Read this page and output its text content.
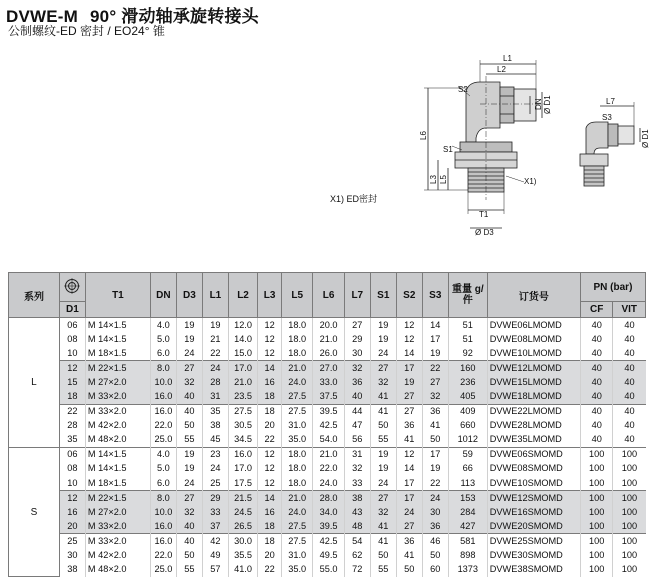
DVWE-M 90° 滑动轴承旋转接头
公制螺纹-ED 密封 / EO24° 锥
L1
L2
S2
DN Ø D1
L6
S1
L3 L5	X1)
T1
Ø D3
L7
S3
Ø D1
X1) ED密封
系列		T1	DN	D3	L1	L2	L3	L5	L6	L7	S1	S2	S3	重量 g/件	订货号	PN (bar)	
	D1															CF	VIT
L	06	M 14×1.5	4.0	19	19	12.0	12	18.0	20.0	27	19	12	14	51	DVWE06LMOMD	40	40
	08	M 14×1.5	5.0	19	21	14.0	12	18.0	21.0	29	19	12	17	51	DVWE08LMOMD	40	40
	10	M 18×1.5	6.0	24	22	15.0	12	18.0	26.0	30	24	14	19	92	DVWE10LMOMD	40	40
	12	M 22×1.5	8.0	27	24	17.0	14	21.0	27.0	32	27	17	22	160	DVWE12LMOMD	40	40
	15	M 27×2.0	10.0	32	28	21.0	16	24.0	33.0	36	32	19	27	236	DVWE15LMOMD	40	40
	18	M 33×2.0	16.0	40	31	23.5	18	27.5	37.5	40	41	27	32	405	DVWE18LMOMD	40	40
	22	M 33×2.0	16.0	40	35	27.5	18	27.5	39.5	44	41	27	36	409	DVWE22LMOMD	40	40
	28	M 42×2.0	22.0	50	38	30.5	20	31.0	42.5	47	50	36	41	660	DVWE28LMOMD	40	40
	35	M 48×2.0	25.0	55	45	34.5	22	35.0	54.0	56	55	41	50	1012	DVWE35LMOMD	40	40
S	06	M 14×1.5	4.0	19	23	16.0	12	18.0	21.0	31	19	12	17	59	DVWE06SMOMD	100	100
	08	M 14×1.5	5.0	19	24	17.0	12	18.0	22.0	32	19	14	19	66	DVWE08SMOMD	100	100
	10	M 18×1.5	6.0	24	25	17.5	12	18.0	24.0	33	24	17	22	113	DVWE10SMOMD	100	100
	12	M 22×1.5	8.0	27	29	21.5	14	21.0	28.0	38	27	17	24	153	DVWE12SMOMD	100	100
	16	M 27×2.0	10.0	32	33	24.5	16	24.0	34.0	43	32	24	30	284	DVWE16SMOMD	100	100
	20	M 33×2.0	16.0	40	37	26.5	18	27.5	39.5	48	41	27	36	427	DVWE20SMOMD	100	100
	25	M 33×2.0	16.0	40	42	30.0	18	27.5	42.5	54	41	36	46	581	DVWE25SMOMD	100	100
	30	M 42×2.0	22.0	50	49	35.5	20	31.0	49.5	62	50	41	50	898	DVWE30SMOMD	100	100
	38	M 48×2.0	25.0	55	57	41.0	22	35.0	55.0	72	55	50	60	1373	DVWE38SMOMD	100	100
